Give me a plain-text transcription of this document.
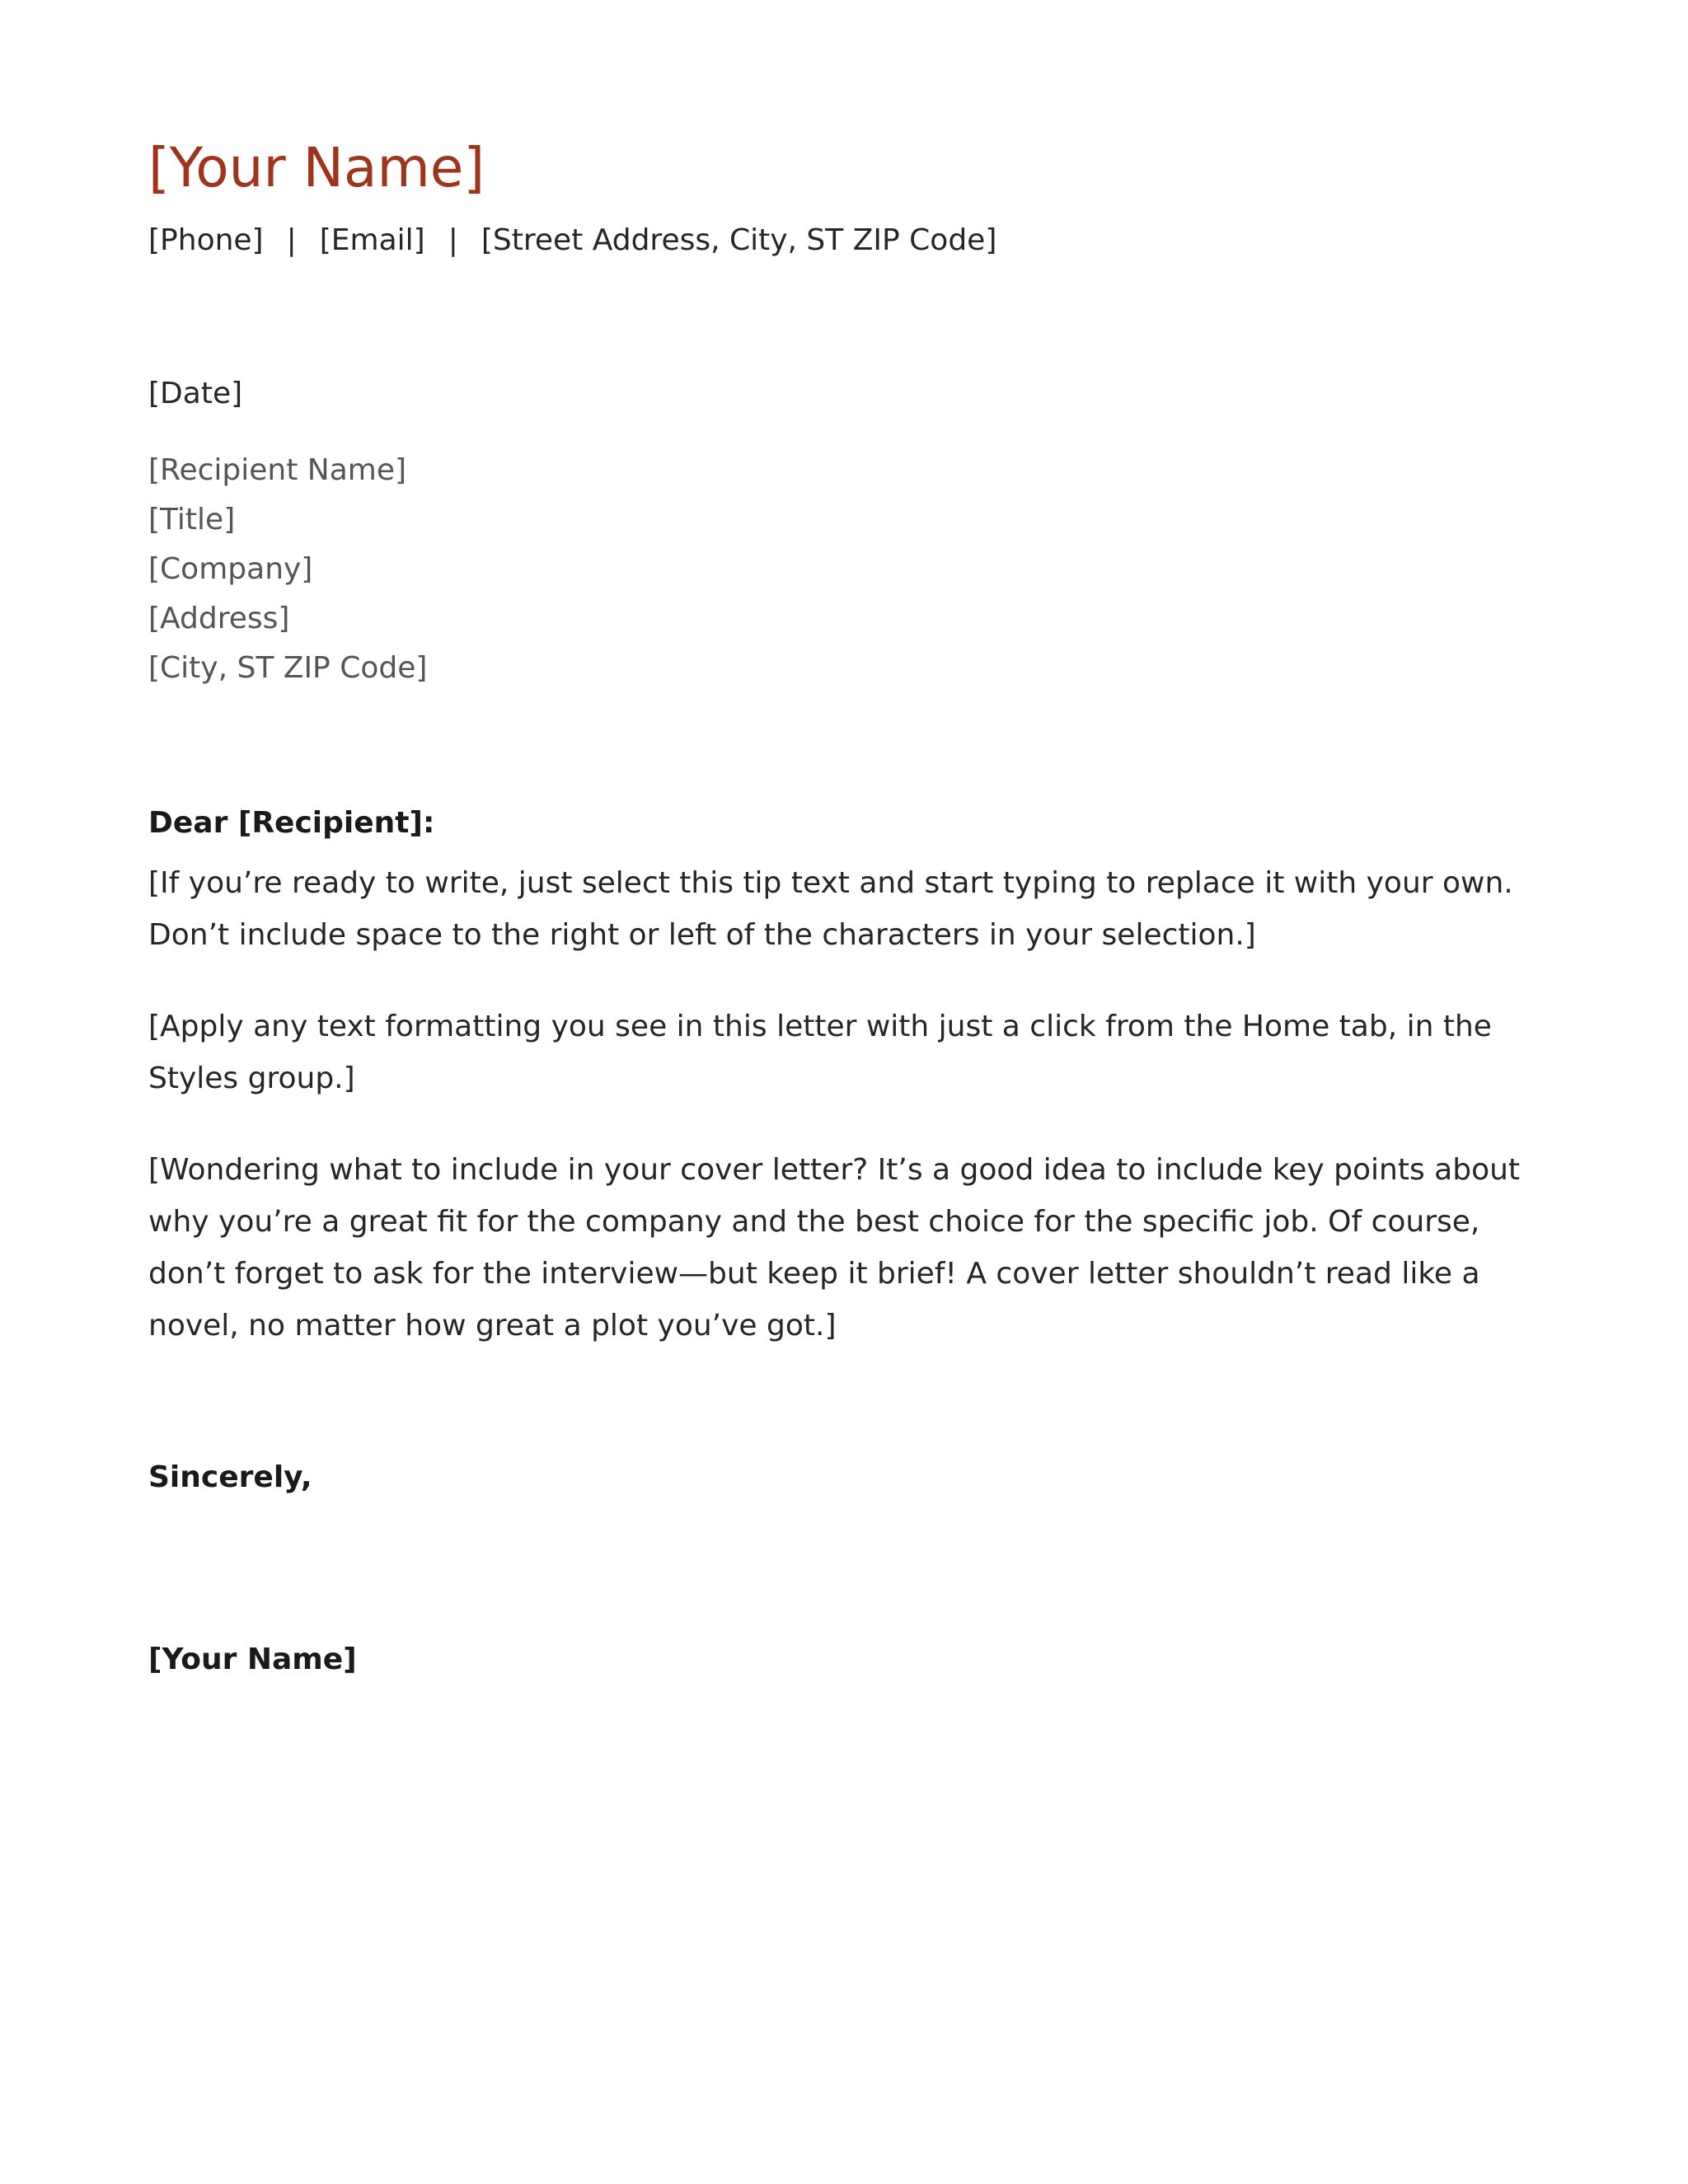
[Your Name]
[Phone] | [Email] | [Street Address, City, ST ZIP Code]
[Date]
[Recipient Name]
[Title]
[Company]
[Address]
[City, ST ZIP Code]
Dear [Recipient]:
[If you’re ready to write, just select this tip text and start typing to replace it with your own. Don’t include space to the right or left of the characters in your selection.]
[Apply any text formatting you see in this letter with just a click from the Home tab, in the Styles group.]
[Wondering what to include in your cover letter? It’s a good idea to include key points about why you’re a great fit for the company and the best choice for the specific job. Of course, don’t forget to ask for the interview—but keep it brief! A cover letter shouldn’t read like a novel, no matter how great a plot you’ve got.]
Sincerely,
[Your Name]
